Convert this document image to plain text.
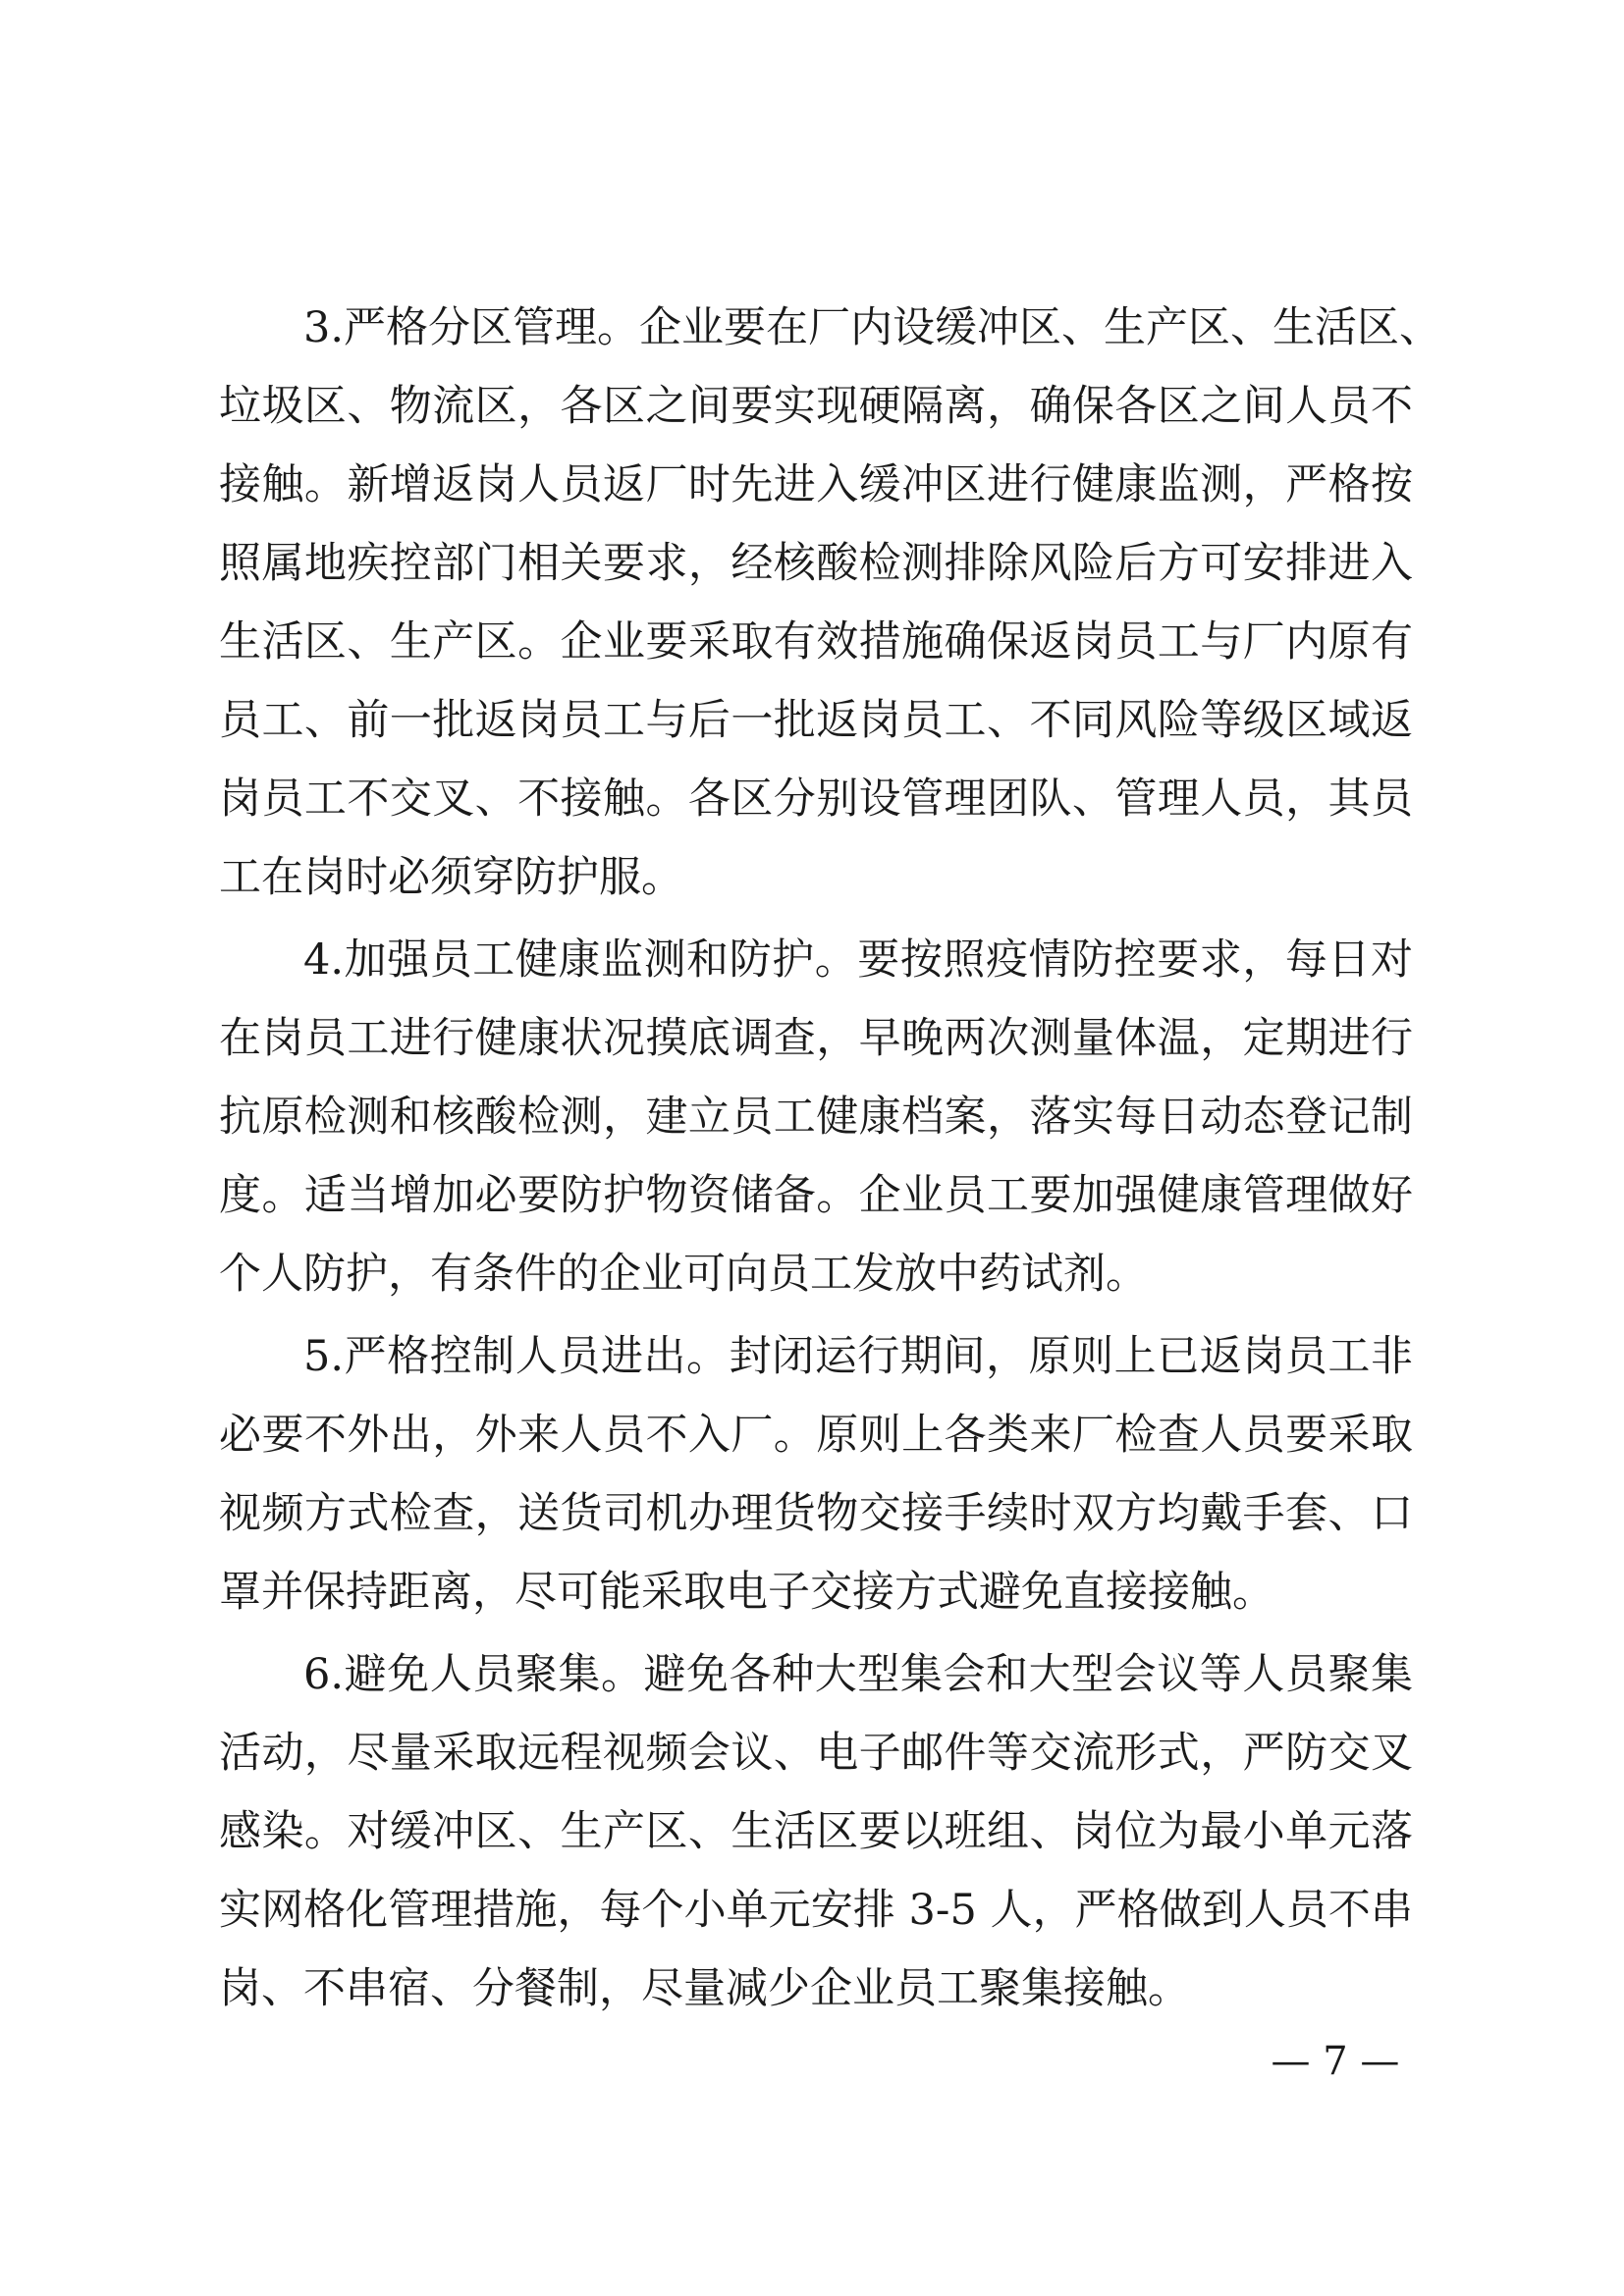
3.严格分区管理。企业要在厂内设缓冲区、生产区、生活区、
垃圾区、物流区，各区之间要实现硬隔离，确保各区之间人员不
接触。新增返岗人员返厂时先进入缓冲区进行健康监测，严格按
照属地疾控部门相关要求，经核酸检测排除风险后方可安排进入
生活区、生产区。企业要采取有效措施确保返岗员工与厂内原有
员工、前一批返岗员工与后一批返岗员工、不同风险等级区域返
岗员工不交叉、不接触。各区分别设管理团队、管理人员，其员
工在岗时必须穿防护服。
4.加强员工健康监测和防护。要按照疫情防控要求，每日对
在岗员工进行健康状况摸底调查，早晚两次测量体温，定期进行
抗原检测和核酸检测，建立员工健康档案，落实每日动态登记制
度。适当增加必要防护物资储备。企业员工要加强健康管理做好
个人防护，有条件的企业可向员工发放中药试剂。
5.严格控制人员进出。封闭运行期间，原则上已返岗员工非
必要不外出，外来人员不入厂。原则上各类来厂检查人员要采取
视频方式检查，送货司机办理货物交接手续时双方均戴手套、口
罩并保持距离，尽可能采取电子交接方式避免直接接触。
6.避免人员聚集。避免各种大型集会和大型会议等人员聚集
活动，尽量采取远程视频会议、电子邮件等交流形式，严防交叉
感染。对缓冲区、生产区、生活区要以班组、岗位为最小单元落
实网格化管理措施，每个小单元安排 3-5 人，严格做到人员不串
岗、不串宿、分餐制，尽量减少企业员工聚集接触。
— 7 —
